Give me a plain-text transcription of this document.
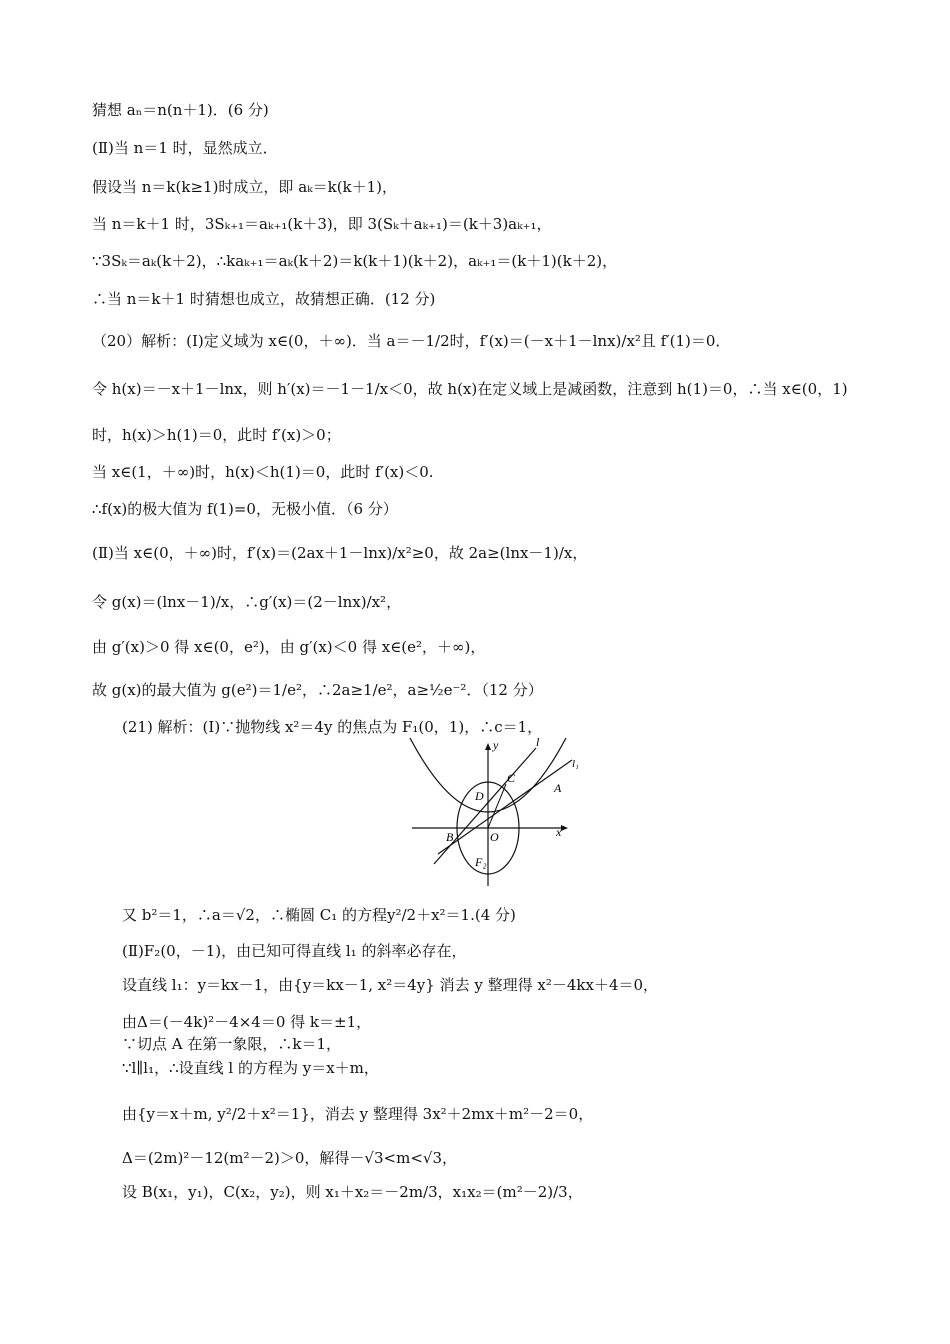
猜想 aₙ＝n(n＋1)．(6 分)
(Ⅱ)当 n＝1 时，显然成立．
假设当 n＝k(k≥1)时成立，即 aₖ＝k(k＋1)，
当 n＝k＋1 时，3Sₖ₊₁＝aₖ₊₁(k＋3)，即 3(Sₖ＋aₖ₊₁)＝(k＋3)aₖ₊₁，
∵3Sₖ＝aₖ(k＋2)，∴kaₖ₊₁＝aₖ(k＋2)＝k(k＋1)(k＋2)，aₖ₊₁＝(k＋1)(k＋2)，
∴当 n＝k＋1 时猜想也成立，故猜想正确．(12 分)
（20）解析：(Ⅰ)定义域为 x∈(0，＋∞)．当 a＝－1/2时，f′(x)＝(－x＋1－lnx)/x²且 f′(1)＝0．
令 h(x)＝－x＋1－lnx，则 h′(x)＝－1－1/x＜0，故 h(x)在定义域上是减函数，注意到 h(1)＝0，∴当 x∈(0，1)
时，h(x)＞h(1)＝0，此时 f′(x)＞0；
当 x∈(1，＋∞)时，h(x)＜h(1)＝0，此时 f′(x)＜0.
∴f(x)的极大值为 f(1)=0，无极小值．（6 分）
(Ⅱ)当 x∈(0，＋∞)时，f′(x)＝(2ax＋1－lnx)/x²≥0，故 2a≥(lnx－1)/x，
令 g(x)＝(lnx－1)/x，∴g′(x)＝(2－lnx)/x²，
由 g′(x)＞0 得 x∈(0，e²)，由 g′(x)＜0 得 x∈(e²，＋∞)，
故 g(x)的最大值为 g(e²)＝1/e²，∴2a≥1/e²，a≥½e⁻²．（12 分）
(21) 解析：(Ⅰ)∵抛物线 x²＝4y 的焦点为 F₁(0，1)，∴c＝1，
y
x
l
l₁
A
B
C
D
O
F₂
又 b²＝1，∴a＝√2，∴椭圆 C₁ 的方程y²/2＋x²＝1.(4 分)
(Ⅱ)F₂(0，－1)，由已知可得直线 l₁ 的斜率必存在，
设直线 l₁：y＝kx－1，由{y＝kx－1, x²＝4y} 消去 y 整理得 x²－4kx＋4＝0，
由Δ＝(－4k)²－4×4＝0 得 k＝±1，
∵切点 A 在第一象限，∴k＝1，
∵l∥l₁，∴设直线 l 的方程为 y＝x＋m，
由{y＝x＋m, y²/2＋x²＝1}，消去 y 整理得 3x²＋2mx＋m²－2＝0，
Δ＝(2m)²－12(m²－2)＞0，解得－√3<m<√3，
设 B(x₁，y₁)，C(x₂，y₂)，则 x₁＋x₂＝－2m/3，x₁x₂＝(m²－2)/3，
